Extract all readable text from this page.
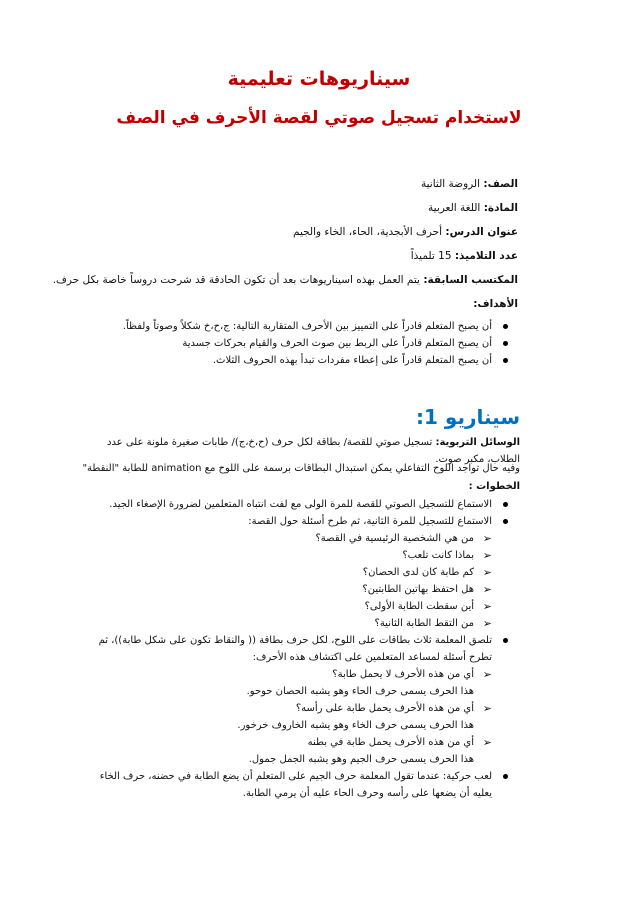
سيناريوهات تعليمية
لاستخدام تسجيل صوتي لقصة الأحرف في الصف
الصف: الروضة الثانية
المادة: اللغة العربية
عنوان الدرس: أحرف الأبجدية، الحاء، الخاء والجيم
عدد التلاميذ: 15 تلميذاً
المكتسب السابقة: يتم العمل بهذه اسيناريوهات بعد أن تكون الحادقة قد شرحت دروساً خاصة بكل حرف.
الأهداف:
أن يصبح المتعلم قادراً على التمييز بين الأحرف المتقاربة التالية: ج،ح،خ شكلاً وصوتاً ولفظاً.
أن يصبح المتعلم قادراً على الربط بين صوت الحرف والقيام بحركات جسدية
أن يصبح المتعلم قادراً على إعطاء مفردات تبدأ بهذه الحروف الثلاث.
سيناريو 1:
الوسائل التربوية: تسجيل صوتي للقصة/ بطاقة لكل حرف (ح،خ،ج)/ طابات صغيرة ملونة على عدد الطلاب، مكبر صوت.
وفيه حال تواجد اللوح التفاعلي يمكن استبدال البطاقات برسمة على اللوح مع animation للطابة "النقطة"
الخطوات :
الاستماع للتسجيل الصوتي للقصة للمرة الولى مع لفت انتباه المتعلمين لضرورة الإصغاء الجيد.
الاستماع للتسجيل للمرة الثانية، ثم طرح أسئلة حول القصة:
➢
من هي الشخصية الرئيسية في القصة؟
➢
بماذا كانت تلعب؟
➢
كم طابة كان لدى الحصان؟
➢
هل احتفظ بهاتين الطابتين؟
➢
أين سقطت الطابة الأولى؟
➢
من التقط الطابة الثانية؟
تلصق المعلمة ثلاث بطاقات على اللوح، لكل حرف بطاقة (( والنقاط تكون على شكل طابة))، ثم تطرح أسئلة لمساعد المتعلمين على اكتشاف هذه الأحرف:
➢
أي من هذه الأحرف لا يحمل طابة؟
هذا الحرف يسمى حرف الحاء وهو يشبه الحصان حوحو.
➢
أي من هذه الأحرف يحمل طابة على رأسه؟
هذا الحرف يسمى حرف الخاء وهو يشبه الخاروف خرخور.
➢
أي من هذه الأحرف يحمل طابة في بطنه
هذا الحرف يسمى حرف الجيم وهو يشبه الجمل جمول.
لعب حركية: عندما تقول المعلمة حرف الجيم على المتعلم أن يضع الطابة في حضنه، حرف الخاء يعليه أن يضعها على رأسه وحرف الحاء عليه أن يرمي الطابة.
